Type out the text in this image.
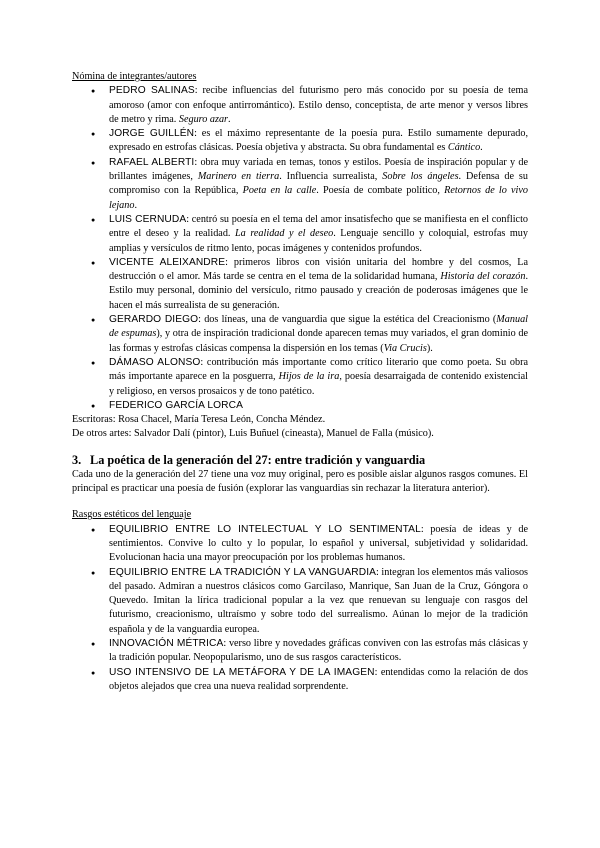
Nómina de integrantes/autores

● PEDRO SALINAS: recibe influencias del futurismo pero más conocido por su poesía de tema amoroso (amor con enfoque antirromántico). Estilo denso, conceptista, de arte menor y versos libres de metro y rima. Seguro azar.
● JORGE GUILLÉN: es el máximo representante de la poesía pura. Estilo sumamente depurado, expresado en estrofas clásicas. Poesía objetiva y abstracta. Su obra fundamental es Cántico.
● RAFAEL ALBERTI: obra muy variada en temas, tonos y estilos. Poesía de inspiración popular y de brillantes imágenes, Marinero en tierra. Influencia surrealista, Sobre los ángeles. Defensa de su compromiso con la República, Poeta en la calle. Poesía de combate político, Retornos de lo vivo lejano.
● LUIS CERNUDA: centró su poesía en el tema del amor insatisfecho que se manifiesta en el conflicto entre el deseo y la realidad. La realidad y el deseo. Lenguaje sencillo y coloquial, estrofas muy amplias y versículos de ritmo lento, pocas imágenes y contenidos profundos.
● VICENTE ALEIXANDRE: primeros libros con visión unitaria del hombre y del cosmos, La destrucción o el amor. Más tarde se centra en el tema de la solidaridad humana, Historia del corazón. Estilo muy personal, dominio del versículo, ritmo pausado y creación de poderosas imágenes que le hacen el más surrealista de su generación.
● GERARDO DIEGO: dos líneas, una de vanguardia que sigue la estética del Creacionismo (Manual de espumas), y otra de inspiración tradicional donde aparecen temas muy variados, el gran dominio de las formas y estrofas clásicas compensa la dispersión en los temas (Via Crucis).
● DÁMASO ALONSO: contribución más importante como crítico literario que como poeta. Su obra más importante aparece en la posguerra, Hijos de la ira, poesía desarraigada de contenido existencial y religioso, en versos prosaicos y de tono patético.
● FEDERICO GARCÍA LORCA

Escritoras: Rosa Chacel, María Teresa León, Concha Méndez.

De otros artes: Salvador Dalí (pintor), Luis Buñuel (cineasta), Manuel de Falla (músico).

3. La poética de la generación del 27: entre tradición y vanguardia

Cada uno de la generación del 27 tiene una voz muy original, pero es posible aislar algunos rasgos comunes. El principal es practicar una poesía de fusión (explorar las vanguardias sin rechazar la literatura anterior).

Rasgos estéticos del lenguaje

● EQUILIBRIO ENTRE LO INTELECTUAL Y LO SENTIMENTAL: poesía de ideas y de sentimientos. Convive lo culto y lo popular, lo español y universal, subjetividad y solidaridad. Evolucionan hacia una mayor preocupación por los problemas humanos.
● EQUILIBRIO ENTRE LA TRADICIÓN Y LA VANGUARDIA: integran los elementos más valiosos del pasado. Admiran a nuestros clásicos como Garcilaso, Manrique, San Juan de la Cruz, Góngora o Quevedo. Imitan la lírica tradicional popular a la vez que renuevan su lenguaje con rasgos del futurismo, creacionismo, ultraísmo y sobre todo del surrealismo. Aúnan lo mejor de la tradición española y de la vanguardia europea.
● INNOVACIÓN MÉTRICA: verso libre y novedades gráficas conviven con las estrofas más clásicas y la tradición popular. Neopopularismo, uno de sus rasgos característicos.
● USO INTENSIVO DE LA METÁFORA Y DE LA IMAGEN: entendidas como la relación de dos objetos alejados que crea una nueva realidad sorprendente.
